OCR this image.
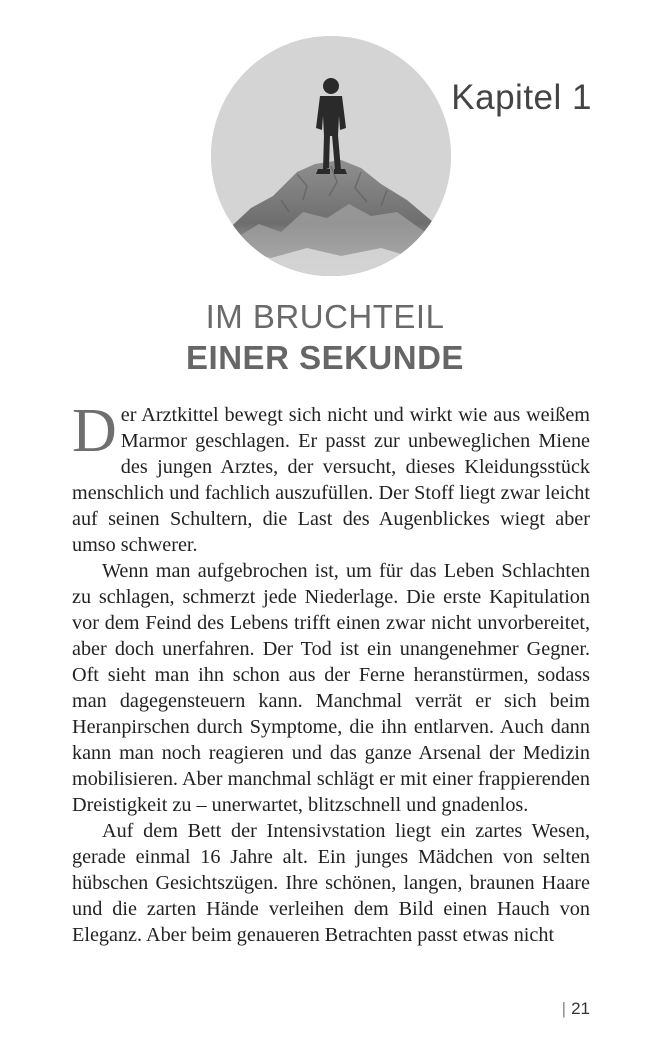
Kapitel 1
IM BRUCHTEIL
EINER SEKUNDE

Der Arztkittel bewegt sich nicht und wirkt wie aus weißem Marmor geschlagen. Er passt zur unbeweglichen Miene des jungen Arztes, der versucht, dieses Kleidungsstück menschlich und fachlich auszufüllen. Der Stoff liegt zwar leicht auf seinen Schultern, die Last des Augenblickes wiegt aber umso schwerer.

Wenn man aufgebrochen ist, um für das Leben Schlachten zu schlagen, schmerzt jede Niederlage. Die erste Kapitulation vor dem Feind des Lebens trifft einen zwar nicht unvorbereitet, aber doch unerfahren. Der Tod ist ein unangenehmer Gegner. Oft sieht man ihn schon aus der Ferne heranstürmen, sodass man dagegensteuern kann. Manchmal verrät er sich beim Heranpirschen durch Symptome, die ihn entlarven. Auch dann kann man noch reagieren und das ganze Arsenal der Medizin mobilisieren. Aber manchmal schlägt er mit einer frappierenden Dreistigkeit zu – unerwartet, blitzschnell und gnadenlos.

Auf dem Bett der Intensivstation liegt ein zartes Wesen, gerade einmal 16 Jahre alt. Ein junges Mädchen von selten hübschen Gesichtszügen. Ihre schönen, langen, braunen Haare und die zarten Hände verleihen dem Bild einen Hauch von Eleganz. Aber beim genaueren Betrachten passt etwas nicht

| 21
